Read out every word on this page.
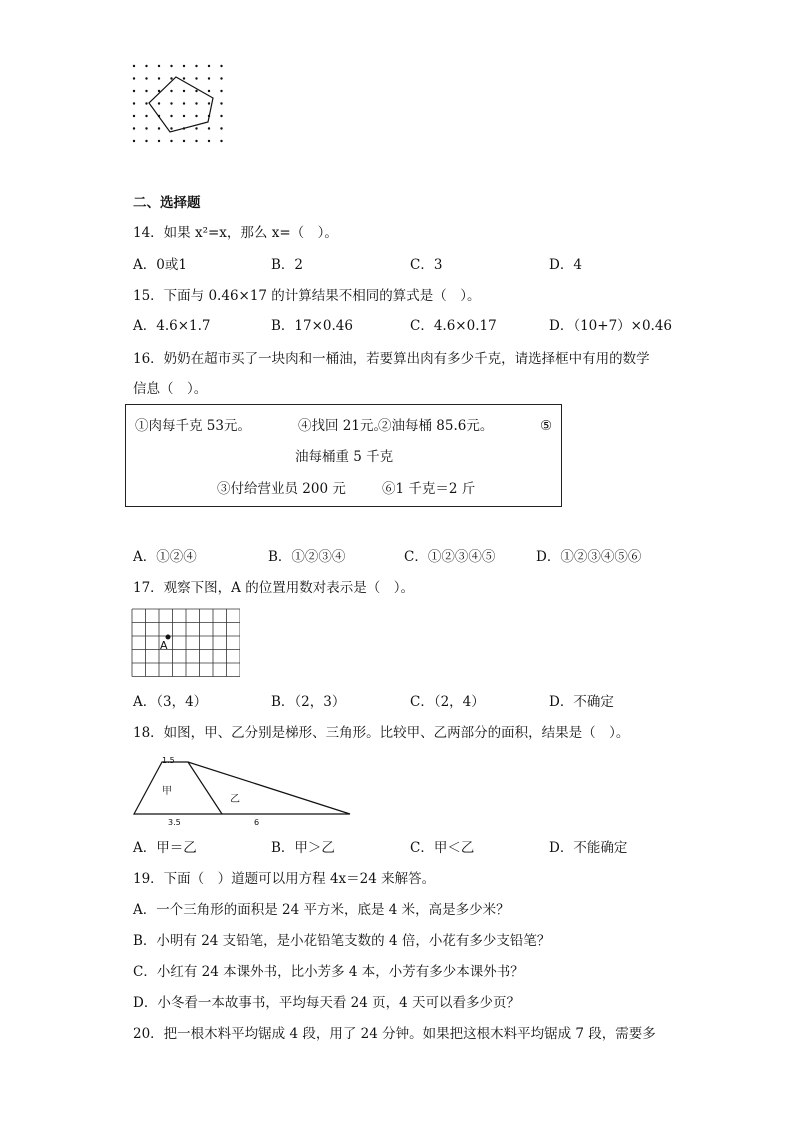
二、选择题
14．如果 x²=x，那么 x=（　）。
A．0或1	B．2	C．3	D．4
15．下面与 0.46×17 的计算结果不相同的算式是（　）。
A．4.6×1.7	B．17×0.46	C．4.6×0.17	D．（10+7）×0.46
16．奶奶在超市买了一块肉和一桶油，若要算出肉有多少千克，请选择框中有用的数学
信息（　）。
①肉每千克 53元。	④找回 21元。
②油每桶 85.6元。	⑤
油每桶重 5 千克
③付给营业员 200 元	⑥1 千克＝2 斤
A．①②④	B．①②③④	C．①②③④⑤	D．①②③④⑤⑥
17．观察下图，A 的位置用数对表示是（　）。
A
A．（3，4）	B．（2，3）	C．（2，4）	D．不确定
18．如图，甲、乙分别是梯形、三角形。比较甲、乙两部分的面积，结果是（　）。
1.5
甲
乙
3.5	6
A．甲＝乙	B．甲＞乙	C．甲＜乙	D．不能确定
19．下面（　）道题可以用方程 4x＝24 来解答。
A．一个三角形的面积是 24 平方米，底是 4 米，高是多少米？
B．小明有 24 支铅笔，是小花铅笔支数的 4 倍，小花有多少支铅笔？
C．小红有 24 本课外书，比小芳多 4 本，小芳有多少本课外书？
D．小冬看一本故事书，平均每天看 24 页，4 天可以看多少页？
20．把一根木料平均锯成 4 段，用了 24 分钟。如果把这根木料平均锯成 7 段，需要多
